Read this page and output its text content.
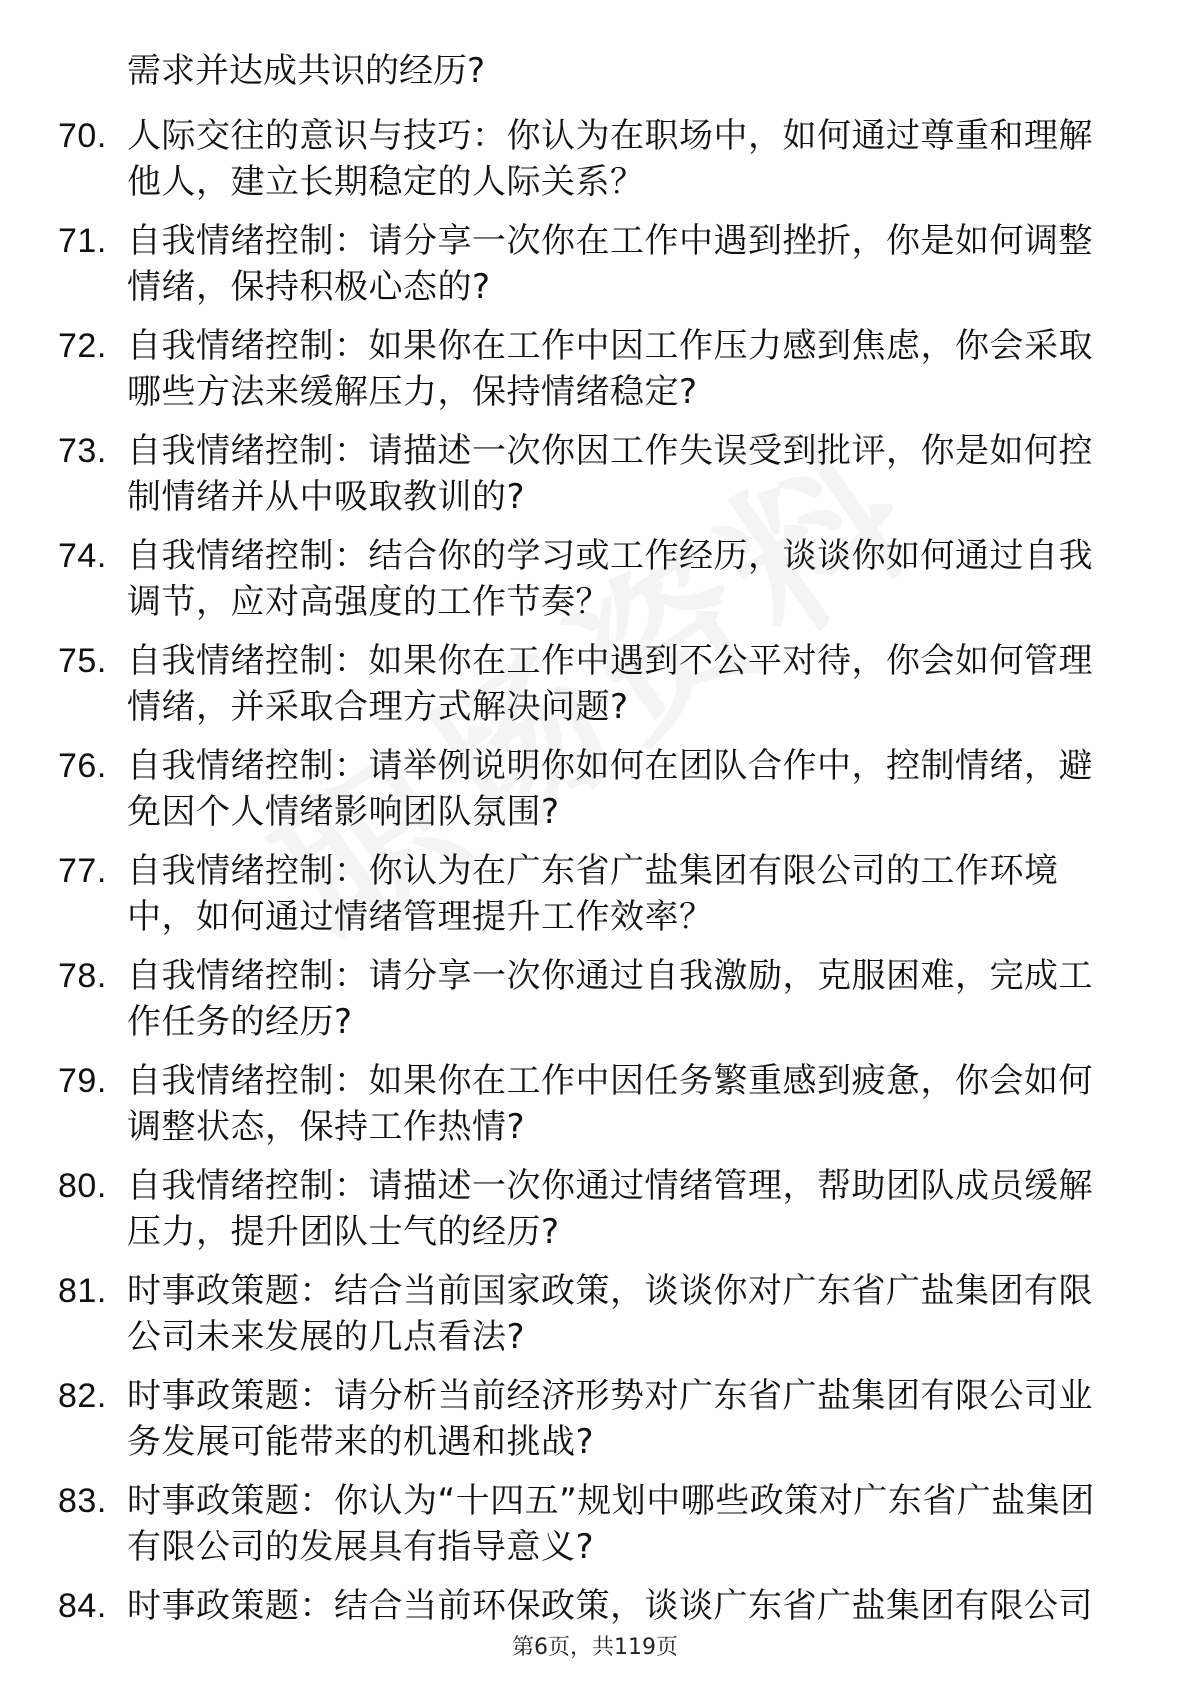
需求并达成共识的经历?

70. 人际交往的意识与技巧：你认为在职场中，如何通过尊重和理解
他人，建立长期稳定的人际关系？
71. 自我情绪控制：请分享一次你在工作中遇到挫折，你是如何调整
情绪，保持积极心态的?
72. 自我情绪控制：如果你在工作中因工作压力感到焦虑，你会采取
哪些方法来缓解压力，保持情绪稳定?
73. 自我情绪控制：请描述一次你因工作失误受到批评，你是如何控
制情绪并从中吸取教训的?
74. 自我情绪控制：结合你的学习或工作经历，谈谈你如何通过自我
调节，应对高强度的工作节奏？
75. 自我情绪控制：如果你在工作中遇到不公平对待，你会如何管理
情绪，并采取合理方式解决问题?
76. 自我情绪控制：请举例说明你如何在团队合作中，控制情绪，避
免因个人情绪影响团队氛围?
77. 自我情绪控制：你认为在广东省广盐集团有限公司的工作环境
中，如何通过情绪管理提升工作效率？
78. 自我情绪控制：请分享一次你通过自我激励，克服困难，完成工
作任务的经历?
79. 自我情绪控制：如果你在工作中因任务繁重感到疲惫，你会如何
调整状态，保持工作热情?
80. 自我情绪控制：请描述一次你通过情绪管理，帮助团队成员缓解
压力，提升团队士气的经历?
81. 时事政策题：结合当前国家政策，谈谈你对广东省广盐集团有限
公司未来发展的几点看法?
82. 时事政策题：请分析当前经济形势对广东省广盐集团有限公司业
务发展可能带来的机遇和挑战?
83. 时事政策题：你认为“十四五”规划中哪些政策对广东省广盐集团
有限公司的发展具有指导意义?
84. 时事政策题：结合当前环保政策，谈谈广东省广盐集团有限公司
第6页，共119页
